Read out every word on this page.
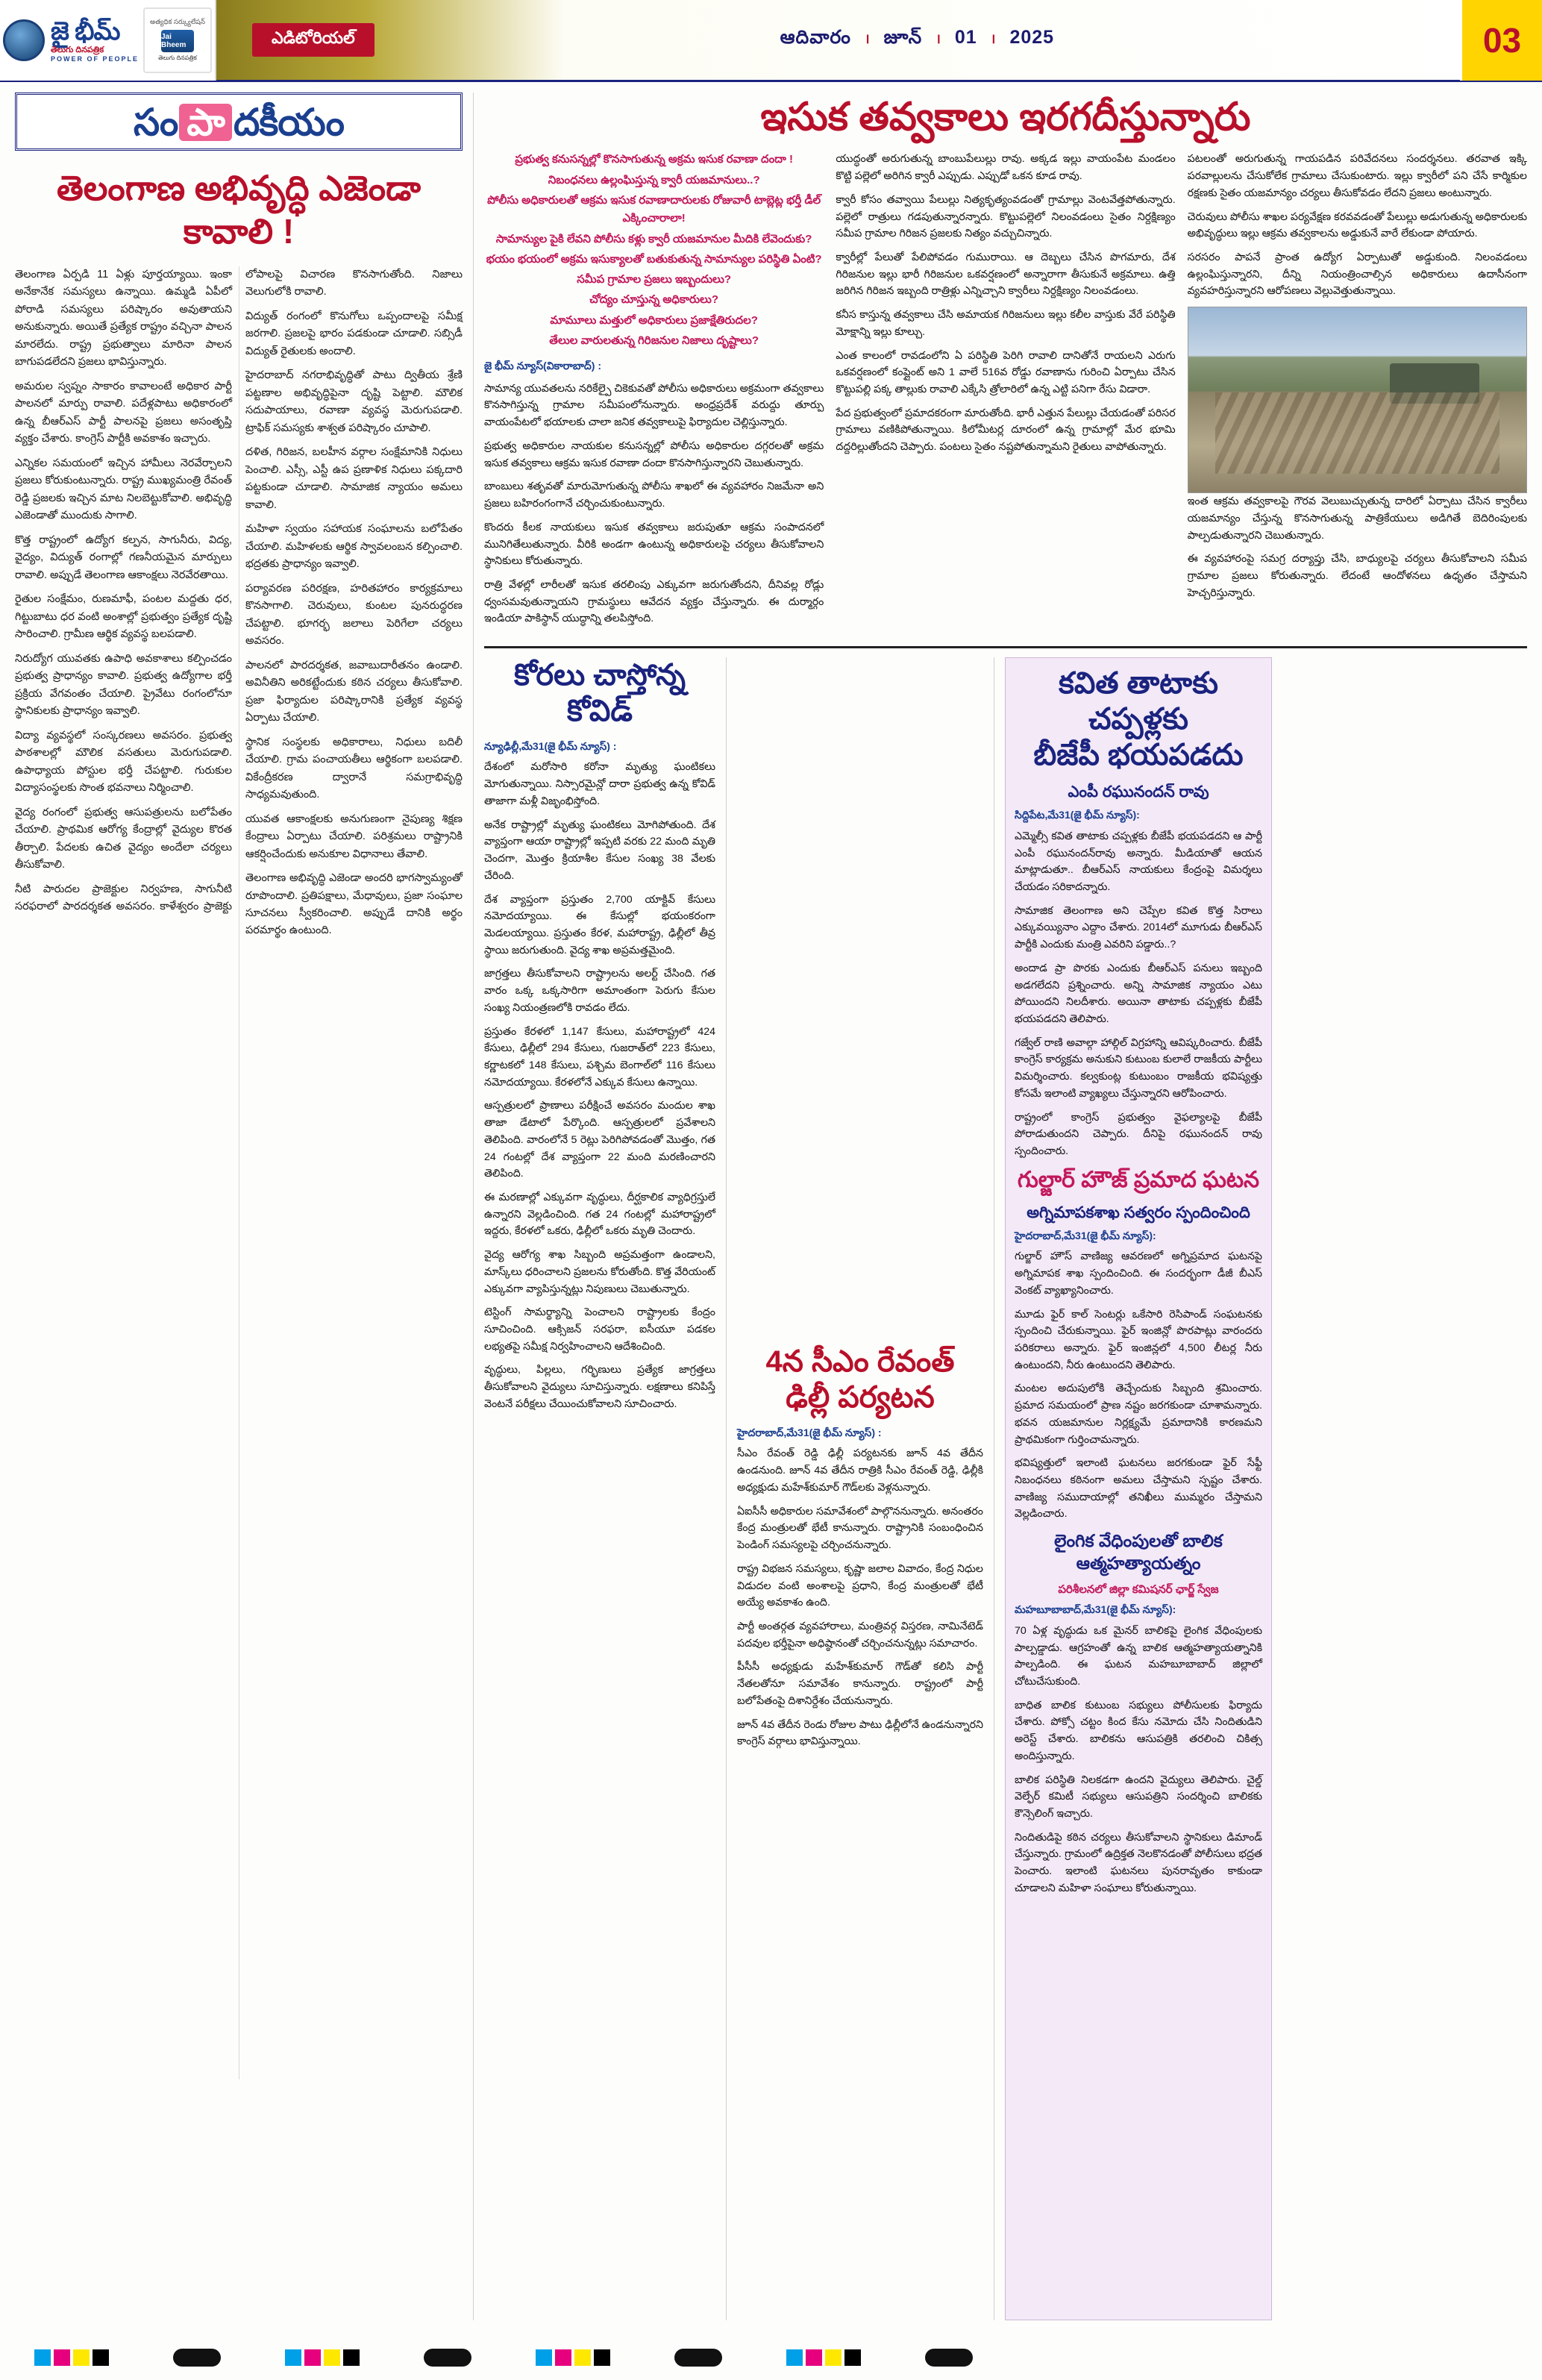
జై భీమ్
తెలుగు దినపత్రిక
POWER OF PEOPLE
అత్యధిక సర్క్యులేషన్
Jai Bheem
తెలుగు దినపత్రిక
ఎడిటోరియల్	ఆదివారం । జూన్ । 01 । 2025	03
సం పా దకీయం
తెలంగాణ అభివృద్ధి ఎజెండా కావాలి !

తెలంగాణ ఏర్పడి 11 ఏళ్లు పూర్తయ్యాయి. ఇంకా అనేకానేక సమస్యలు ఉన్నాయి. ఉమ్మడి ఏపీలో పోరాడి సమస్యలు పరిష్కారం అవుతాయని అనుకున్నారు. అయితే ప్రత్యేక రాష్ట్రం వచ్చినా పాలన మారలేదు. రాష్ట్ర ప్రభుత్వాలు మారినా పాలన బాగుపడలేదని ప్రజలు భావిస్తున్నారు.

అమరుల స్వప్నం సాకారం కావాలంటే అధికార పార్టీ పాలనలో మార్పు రావాలి. పదేళ్లపాటు అధికారంలో ఉన్న బీఆర్ఎస్ పార్టీ పాలనపై ప్రజలు అసంతృప్తి వ్యక్తం చేశారు. కాంగ్రెస్ పార్టీకి అవకాశం ఇచ్చారు.

ఎన్నికల సమయంలో ఇచ్చిన హామీలు నెరవేర్చాలని ప్రజలు కోరుకుంటున్నారు. రాష్ట్ర ముఖ్యమంత్రి రేవంత్ రెడ్డి ప్రజలకు ఇచ్చిన మాట నిలబెట్టుకోవాలి. అభివృద్ధి ఎజెండాతో ముందుకు సాగాలి.

కొత్త రాష్ట్రంలో ఉద్యోగ కల్పన, సాగునీరు, విద్య, వైద్యం, విద్యుత్ రంగాల్లో గణనీయమైన మార్పులు రావాలి. అప్పుడే తెలంగాణ ఆకాంక్షలు నెరవేరతాయి.

రైతుల సంక్షేమం, రుణమాఫీ, పంటల మద్దతు ధర, గిట్టుబాటు ధర వంటి అంశాల్లో ప్రభుత్వం ప్రత్యేక దృష్టి సారించాలి. గ్రామీణ ఆర్థిక వ్యవస్థ బలపడాలి.

నిరుద్యోగ యువతకు ఉపాధి అవకాశాలు కల్పించడం ప్రభుత్వ ప్రాధాన్యం కావాలి. ప్రభుత్వ ఉద్యోగాల భర్తీ ప్రక్రియ వేగవంతం చేయాలి. ప్రైవేటు రంగంలోనూ స్థానికులకు ప్రాధాన్యం ఇవ్వాలి.

విద్యా వ్యవస్థలో సంస్కరణలు అవసరం. ప్రభుత్వ పాఠశాలల్లో మౌలిక వసతులు మెరుగుపడాలి. ఉపాధ్యాయ పోస్టుల భర్తీ చేపట్టాలి. గురుకుల విద్యాసంస్థలకు సొంత భవనాలు నిర్మించాలి.

వైద్య రంగంలో ప్రభుత్వ ఆసుపత్రులను బలోపేతం చేయాలి. ప్రాథమిక ఆరోగ్య కేంద్రాల్లో వైద్యుల కొరత తీర్చాలి. పేదలకు ఉచిత వైద్యం అందేలా చర్యలు తీసుకోవాలి.

నీటి పారుదల ప్రాజెక్టుల నిర్వహణ, సాగునీటి సరఫరాలో పారదర్శకత అవసరం. కాళేశ్వరం ప్రాజెక్టు లోపాలపై విచారణ కొనసాగుతోంది. నిజాలు వెలుగులోకి రావాలి.

విద్యుత్ రంగంలో కొనుగోలు ఒప్పందాలపై సమీక్ష జరగాలి. ప్రజలపై భారం పడకుండా చూడాలి. సబ్సిడీ విద్యుత్ రైతులకు అందాలి.

హైదరాబాద్ నగరాభివృద్ధితో పాటు ద్వితీయ శ్రేణి పట్టణాల అభివృద్ధిపైనా దృష్టి పెట్టాలి. మౌలిక సదుపాయాలు, రవాణా వ్యవస్థ మెరుగుపడాలి. ట్రాఫిక్ సమస్యకు శాశ్వత పరిష్కారం చూపాలి.

దళిత, గిరిజన, బలహీన వర్గాల సంక్షేమానికి నిధులు పెంచాలి. ఎస్సీ, ఎస్టీ ఉప ప్రణాళిక నిధులు పక్కదారి పట్టకుండా చూడాలి. సామాజిక న్యాయం అమలు కావాలి.

మహిళా స్వయం సహాయక సంఘాలను బలోపేతం చేయాలి. మహిళలకు ఆర్థిక స్వావలంబన కల్పించాలి. భద్రతకు ప్రాధాన్యం ఇవ్వాలి.

పర్యావరణ పరిరక్షణ, హరితహారం కార్యక్రమాలు కొనసాగాలి. చెరువులు, కుంటల పునరుద్ధరణ చేపట్టాలి. భూగర్భ జలాలు పెరిగేలా చర్యలు అవసరం.

పాలనలో పారదర్శకత, జవాబుదారీతనం ఉండాలి. అవినీతిని అరికట్టేందుకు కఠిన చర్యలు తీసుకోవాలి. ప్రజా ఫిర్యాదుల పరిష్కారానికి ప్రత్యేక వ్యవస్థ ఏర్పాటు చేయాలి.

స్థానిక సంస్థలకు అధికారాలు, నిధులు బదిలీ చేయాలి. గ్రామ పంచాయతీలు ఆర్థికంగా బలపడాలి. వికేంద్రీకరణ ద్వారానే సమగ్రాభివృద్ధి సాధ్యమవుతుంది.

యువత ఆకాంక్షలకు అనుగుణంగా నైపుణ్య శిక్షణ కేంద్రాలు ఏర్పాటు చేయాలి. పరిశ్రమలు రాష్ట్రానికి ఆకర్షించేందుకు అనుకూల విధానాలు తేవాలి.

తెలంగాణ అభివృద్ధి ఎజెండా అందరి భాగస్వామ్యంతో రూపొందాలి. ప్రతిపక్షాలు, మేధావులు, ప్రజా సంఘాల సూచనలు స్వీకరించాలి. అప్పుడే దానికి అర్థం పరమార్థం ఉంటుంది.

ఇసుక తవ్వకాలు ఇరగదీస్తున్నారు
ప్రభుత్వ కనుసన్నల్లో కొనసాగుతున్న అక్రమ ఇసుక రవాణా దందా !
నిబంధనలు ఉల్లంఘిస్తున్న క్వారీ యజమానులు..?
పోలీసు అధికారులతో ఆక్రమ ఇసుక రవాణాదారులకు రోజువారీ టాబ్లెట్ల భర్తీ డీల్ ఎక్కించారాలా!
సామాన్యుల పైకి లేవని పోలీసు కళ్లు క్వారీ యజమానుల మీదికి లేవెందుకు?
భయం భయంలో అక్రమ ఇసుక్యాలతో బతుకుతున్న సామాన్యుల పరిస్థితి ఏంటి?
సమీప గ్రామాల ప్రజలు ఇబ్బందులు?
చోద్యం చూస్తున్న అధికారులు?
మామూలు మత్తులో అధికారులు ప్రజాక్షేతిరుదల?
తేలుల వారులతున్న గిరిజనుల నిజాలు దృష్టాలు?
జై భీమ్ న్యూస్(వికారాబాద్) :

సామాన్య యువతలను నరికేల్పై చికెకువతో పోలీసు అధికారులు అక్రమంగా తవ్వకాలు కొనసాగిస్తున్న గ్రామాల సమీపంలోనున్నారు. అంధ్రప్రదేశ్ వరుద్దు తూర్పు వాయంపేటలో భయాలకు చాలా జనిక తవ్వకాలుపై ఫిర్యాదుల చెల్లిస్తున్నారు.

ప్రభుత్వ అధికారుల నాయకుల కనుసన్నల్లో పోలీసు అధికారుల దగ్గరలతో అక్రమ ఇసుక తవ్వకాలు ఆక్రమ ఇసుక రవాణా దందా కొనసాగిస్తున్నారని చెబుతున్నారు.

బాంబులు శతృవతో మారుమోగుతున్న పోలీసు శాఖలో ఈ వ్యవహారం నిజమేనా అని ప్రజలు బహిరంగంగానే చర్చించుకుంటున్నారు.

కొందరు కీలక నాయకులు ఇసుక తవ్వకాలు జరుపుతూ ఆక్రమ సంపాదనలో మునిగితేలుతున్నారు. వీరికి అండగా ఉంటున్న అధికారులపై చర్యలు తీసుకోవాలని స్థానికులు కోరుతున్నారు.

రాత్రి వేళల్లో లారీలతో ఇసుక తరలింపు ఎక్కువగా జరుగుతోందని, దీనివల్ల రోడ్లు ధ్వంసమవుతున్నాయని గ్రామస్థులు ఆవేదన వ్యక్తం చేస్తున్నారు. ఈ దుర్మార్గం ఇండియా పాకిస్థాన్ యుద్ధాన్ని తలపిస్తోంది.

యుద్ధంతో అరుగుతున్న బాంబుపేలుల్లు రావు. అక్కడ ఇల్లు వాయంపేట మండలం కొట్టి పల్లెలో అరిగిన క్వారీ ఎప్పుడు. ఎప్పుడో ఒకన కూడ రావు.

క్వారీ కోసం తవ్వాయి పేలుల్లు నిత్యకృత్యంవడంతో గ్రామాల్లు వెంటవేత్తపోతున్నారు. పల్లెలో రాత్రులు గడపుతున్నారన్నారు. కొట్టుపల్లెలో నిలంవడంలు సైతం నిర్దక్షిణ్యం సమీప గ్రామాల గిరిజన ప్రజలకు నిత్యం వచ్చుచిన్నారు.

క్వారీల్లో పేలుతో పేలిపోవడం గుమురాయి. ఆ దెబ్బలు చేసిన పొగమారు, దేశ గిరిజనుల ఇల్లు భారీ గిరిజనుల ఒకవర్షణంలో అన్నారాగా తీసుకునే అక్రమాలు. ఉత్తి జరిగిన గిరిజన ఇబ్బంది రాత్రిళ్లు ఎన్నిచ్చాని క్వారీలు నిర్దక్షిణ్యం నిలంవడంలు.

కనీస కాస్తున్న తవ్వకాలు చేసి అమాయక గిరిజనులు ఇల్లు కలీల వాస్తుకు వేరే పరిస్థితి మోక్షాన్ని ఇల్లు కూల్చు.

ఎంత కాలంలో రావడంలోని ఏ పరిస్థితి పెరిగి రావాలి దానితోనే రాయలని ఎరుగు ఒకవర్షణంలో కంప్లైంట్ అని 1 వాలే 516వ రోడ్డు రవాణాను గురించి ఏర్పాటు చేసిన కొట్టుపల్లి పక్క తాల్లుకు రావాలి ఎక్కేసి త్రోలారిలో ఉన్న ఎట్టి పనిగా రేసు విడారా.

పేద ప్రభుత్వంలో ప్రమాదకరంగా మారుతోంది. భారీ ఎత్తున పేలుల్లు చేయడంతో పరిసర గ్రామాలు వణికిపోతున్నాయి. కిలోమీటర్ల దూరంలో ఉన్న గ్రామాల్లో మేర భూమి దద్దరిల్లుతోందని చెప్పారు. పంటలు సైతం నష్టపోతున్నామని రైతులు వాపోతున్నారు.

పటలంతో అరుగుతున్న గాయపడిన పరివేదనలు సందర్శనలు. తరవాత ఇక్కి పరవాల్లులను చేసుకోలేక గ్రామాలు చేసుకుంటారు. ఇల్లు క్వారీలో పని చేసే కార్మికుల రక్షణకు సైతం యజమాన్యం చర్యలు తీసుకోవడం లేదని ప్రజలు అంటున్నారు.

చెరువులు పోలీసు శాఖల పర్యవేక్షణ కరవవడంతో పేలుల్లు అడుగుతున్న అధికారులకు అభివృద్ధులు ఇల్లు ఆక్రమ తవ్వకాలను అడ్డుకునే వారే లేకుండా పోయారు.

సరసరం పాపనే ప్రాంత ఉద్యోగ ఏర్పాటుతో అడ్డుకుంది. నిలంవడంలు ఉల్లంఘిస్తున్నారని, దీన్ని నియంత్రించాల్సిన అధికారులు ఉదాసీనంగా వ్యవహరిస్తున్నారని ఆరోపణలు వెల్లువెత్తుతున్నాయి.

ఇంత ఆక్రమ తవ్వకాలపై గౌరవ వెలుబుచ్చుతున్న దారిలో ఏర్పాటు చేసిన క్వారీలు యజమాన్యం చేస్తున్న కొనసాగుతున్న పాత్రికేయులు అడిగితే బెదిరింపులకు పాల్పడుతున్నారని చెబుతున్నారు.

ఈ వ్యవహారంపై సమగ్ర దర్యాప్తు చేసి, బాధ్యులపై చర్యలు తీసుకోవాలని సమీప గ్రామాల ప్రజలు కోరుతున్నారు. లేదంటే ఆందోళనలు ఉధృతం చేస్తామని హెచ్చరిస్తున్నారు.

కోరలు చాస్తోన్న
కోవిడ్
న్యూఢిల్లీ,మే31(జై భీమ్ న్యూస్) :

దేశంలో మరోసారి కరోనా మృత్యు ఘంటికలు మోగుతున్నాయి. నిస్సారమైన్లో దారా ప్రభుత్వ ఉన్న కోవిడ్ తాజాగా మళ్లీ విజృంభిస్తోంది.

అనేక రాష్ట్రాల్లో మృత్యు ఘంటికలు మోగిపోతుంది. దేశ వ్యాప్తంగా ఆయా రాష్ట్రాల్లో ఇప్పటి వరకు 22 మంది మృతి చెందగా, మొత్తం క్రియాశీల కేసుల సంఖ్య 38 వేలకు చేరింది.

దేశ వ్యాప్తంగా ప్రస్తుతం 2,700 యాక్టివ్ కేసులు నమోదయ్యాయి. ఈ కేసుల్లో భయంకరంగా మెడలయ్యాయి. ప్రస్తుతం కేరళ, మహారాష్ట్ర, ఢిల్లీలో తీవ్ర స్థాయి జరుగుతుంది. వైద్య శాఖ అప్రమత్తమైంది.

జాగ్రత్తలు తీసుకోవాలని రాష్ట్రాలను అలర్ట్ చేసింది. గత వారం ఒక్క ఒక్కసారిగా అమాంతంగా పెరుగు కేసుల సంఖ్య నియంత్రణలోకి రావడం లేదు.

ప్రస్తుతం కేరళలో 1,147 కేసులు, మహారాష్ట్రలో 424 కేసులు, ఢిల్లీలో 294 కేసులు, గుజరాత్‌లో 223 కేసులు, కర్ణాటకలో 148 కేసులు, పశ్చిమ బెంగాల్‌లో 116 కేసులు నమోదయ్యాయి. కేరళలోనే ఎక్కువ కేసులు ఉన్నాయి.

ఆస్పత్రులలో ప్రాణాలు పరీక్షించే అవసరం మందుల శాఖ తాజా డేటాలో పేర్కొంది. ఆస్పత్రులలో ప్రవేశాలని తెలిపింది. వారంలోనే 5 రెట్లు పెరిగిపోవడంతో మొత్తం, గత 24 గంటల్లో దేశ వ్యాప్తంగా 22 మంది మరణించారని తెలిపింది.

ఈ మరణాల్లో ఎక్కువగా వృద్ధులు, దీర్ఘకాలిక వ్యాధిగ్రస్తులే ఉన్నారని వెల్లడించింది. గత 24 గంటల్లో మహారాష్ట్రలో ఇద్దరు, కేరళలో ఒకరు, ఢిల్లీలో ఒకరు మృతి చెందారు.

వైద్య ఆరోగ్య శాఖ సిబ్బంది అప్రమత్తంగా ఉండాలని, మాస్క్‌లు ధరించాలని ప్రజలను కోరుతోంది. కొత్త వేరియంట్ ఎక్కువగా వ్యాపిస్తున్నట్లు నిపుణులు చెబుతున్నారు.

టెస్టింగ్ సామర్థ్యాన్ని పెంచాలని రాష్ట్రాలకు కేంద్రం సూచించింది. ఆక్సిజన్ సరఫరా, ఐసీయూ పడకల లభ్యతపై సమీక్ష నిర్వహించాలని ఆదేశించింది.

వృద్ధులు, పిల్లలు, గర్భిణులు ప్రత్యేక జాగ్రత్తలు తీసుకోవాలని వైద్యులు సూచిస్తున్నారు. లక్షణాలు కనిపిస్తే వెంటనే పరీక్షలు చేయించుకోవాలని సూచించారు.

4న సీఎం రేవంత్
ఢిల్లీ పర్యటన
హైదరాబాద్,మే31(జై భీమ్ న్యూస్) :

సీఎం రేవంత్ రెడ్డి ఢిల్లీ పర్యటనకు జూన్ 4వ తేదీన ఉండనుంది. జూన్ 4వ తేదీన రాత్రికి సీఎం రేవంత్ రెడ్డి, ఢిల్లీకి అధ్యక్షుడు మహేశ్‌కుమార్ గౌడ్‌లకు వెళ్లనున్నారు.

ఏఐసీసీ అధికారుల సమావేశంలో పాల్గొననున్నారు. అనంతరం కేంద్ర మంత్రులతో భేటీ కానున్నారు. రాష్ట్రానికి సంబంధించిన పెండింగ్ సమస్యలపై చర్చించనున్నారు.

రాష్ట్ర విభజన సమస్యలు, కృష్ణా జలాల వివాదం, కేంద్ర నిధుల విడుదల వంటి అంశాలపై ప్రధాని, కేంద్ర మంత్రులతో భేటీ అయ్యే అవకాశం ఉంది.

పార్టీ అంతర్గత వ్యవహారాలు, మంత్రివర్గ విస్తరణ, నామినేటెడ్ పదవుల భర్తీపైనా అధిష్ఠానంతో చర్చించనున్నట్లు సమాచారం.

పీసీసీ అధ్యక్షుడు మహేశ్‌కుమార్ గౌడ్‌తో కలిసి పార్టీ నేతలతోనూ సమావేశం కానున్నారు. రాష్ట్రంలో పార్టీ బలోపేతంపై దిశానిర్దేశం చేయనున్నారు.

జూన్ 4వ తేదీన రెండు రోజుల పాటు ఢిల్లీలోనే ఉండనున్నారని కాంగ్రెస్ వర్గాలు భావిస్తున్నాయి.

కవిత తాటాకు చప్పళ్లకు
బీజేపీ భయపడదు
ఎంపీ రఘునందన్ రావు
సిద్దిపేట,మే31(జై భీమ్ న్యూస్):

ఎమ్మెల్సీ కవిత తాటాకు చప్పళ్లకు బీజేపీ భయపడదని ఆ పార్టీ ఎంపీ రఘునందన్‌రావు అన్నారు. మీడియాతో ఆయన మాట్లాడుతూ.. బీఆర్ఎస్ నాయకులు కేంద్రంపై విమర్శలు చేయడం సరికాదన్నారు.

సామాజిక తెలంగాణ అని చెప్పేల కవిత కొత్త సిరాలు ఎక్కువయ్యినాం ఎద్దాం చేశారు. 2014లో మూగుడు బీఆర్ఎస్ పార్టీకి ఎందుకు మంత్రి ఎవరిని పడ్డారు..?

అందాడ ప్రా పొరకు ఎందుకు బీఆర్ఎస్ పనులు ఇబ్బంది అడగలేదని ప్రశ్నించారు. అన్ని సామాజిక న్యాయం ఎటు పోయిందని నిలదీశారు. అయినా తాటాకు చప్పళ్లకు బీజేపీ భయపడదని తెలిపారు.

గజ్వేల్ రాణి అవాల్గా హాల్గిల్ విగ్రహాన్ని ఆవిష్కరించారు. బీజేపీ కాంగ్రెస్ కార్యక్రమ అనుకుని కుటుంబ కులాలే రాజకీయ పార్టీలు విమర్శించారు. కల్వకుంట్ల కుటుంబం రాజకీయ భవిష్యత్తు కోసమే ఇలాంటి వ్యాఖ్యలు చేస్తున్నారని ఆరోపించారు.

రాష్ట్రంలో కాంగ్రెస్ ప్రభుత్వం వైఫల్యాలపై బీజేపీ పోరాడుతుందని చెప్పారు. దీనిపై రఘునందన్ రావు స్పందించారు.

గుల్జార్ హౌజ్ ప్రమాద ఘటన
అగ్నిమాపకశాఖ సత్వరం స్పందించింది
హైదరాబాద్,మే31(జై భీమ్ న్యూస్):

గుల్జార్ హౌస్ వాణిజ్య ఆవరణలో అగ్నిప్రమాద ఘటనపై అగ్నిమాపక శాఖ స్పందించింది. ఈ సందర్భంగా డీజీ బీఎస్ వెంకట్ వ్యాఖ్యానించారు.

మూడు ఫైర్ కాల్ సెంటర్లు ఒకేసారి రెసిపాండ్ సంఘటనకు స్పందించి చేరుకున్నాయి. ఫైర్ ఇంజిన్లో పొరపాట్లు వారందరు పరికరాలు అన్నారు. ఫైర్ ఇంజిన్లలో 4,500 లీటర్ల నీరు ఉంటుందని, నీరు ఉంటుందని తెలిపారు.

మంటల అదుపులోకి తెచ్చేందుకు సిబ్బంది శ్రమించారు. ప్రమాద సమయంలో ప్రాణ నష్టం జరగకుండా చూశామన్నారు. భవన యజమానుల నిర్లక్ష్యమే ప్రమాదానికి కారణమని ప్రాథమికంగా గుర్తించామన్నారు.

భవిష్యత్తులో ఇలాంటి ఘటనలు జరగకుండా ఫైర్ సేఫ్టీ నిబంధనలు కఠినంగా అమలు చేస్తామని స్పష్టం చేశారు. వాణిజ్య సముదాయాల్లో తనిఖీలు ముమ్మరం చేస్తామని వెల్లడించారు.

లైంగిక వేధింపులతో బాలిక ఆత్మహత్యాయత్నం
పరిశీలనలో జిల్లా కమిషనర్ ఛార్జ్ స్వేజ
మహబూబాబాద్,మే31(జై భీమ్ న్యూస్):

70 ఏళ్ల వృద్ధుడు ఒక మైనర్ బాలికపై లైంగిక వేధింపులకు పాల్పడ్డాడు. ఆగ్రహంతో ఉన్న బాలిక ఆత్మహత్యాయత్నానికి పాల్పడింది. ఈ ఘటన మహబూబాబాద్ జిల్లాలో చోటుచేసుకుంది.

బాధిత బాలిక కుటుంబ సభ్యులు పోలీసులకు ఫిర్యాదు చేశారు. పోక్సో చట్టం కింద కేసు నమోదు చేసి నిందితుడిని అరెస్ట్ చేశారు. బాలికను ఆసుపత్రికి తరలించి చికిత్స అందిస్తున్నారు.

బాలిక పరిస్థితి నిలకడగా ఉందని వైద్యులు తెలిపారు. చైల్డ్ వెల్ఫేర్ కమిటీ సభ్యులు ఆసుపత్రిని సందర్శించి బాలికకు కౌన్సెలింగ్ ఇచ్చారు.

నిందితుడిపై కఠిన చర్యలు తీసుకోవాలని స్థానికులు డిమాండ్ చేస్తున్నారు. గ్రామంలో ఉద్రిక్తత నెలకొనడంతో పోలీసులు భద్రత పెంచారు. ఇలాంటి ఘటనలు పునరావృతం కాకుండా చూడాలని మహిళా సంఘాలు కోరుతున్నాయి.
